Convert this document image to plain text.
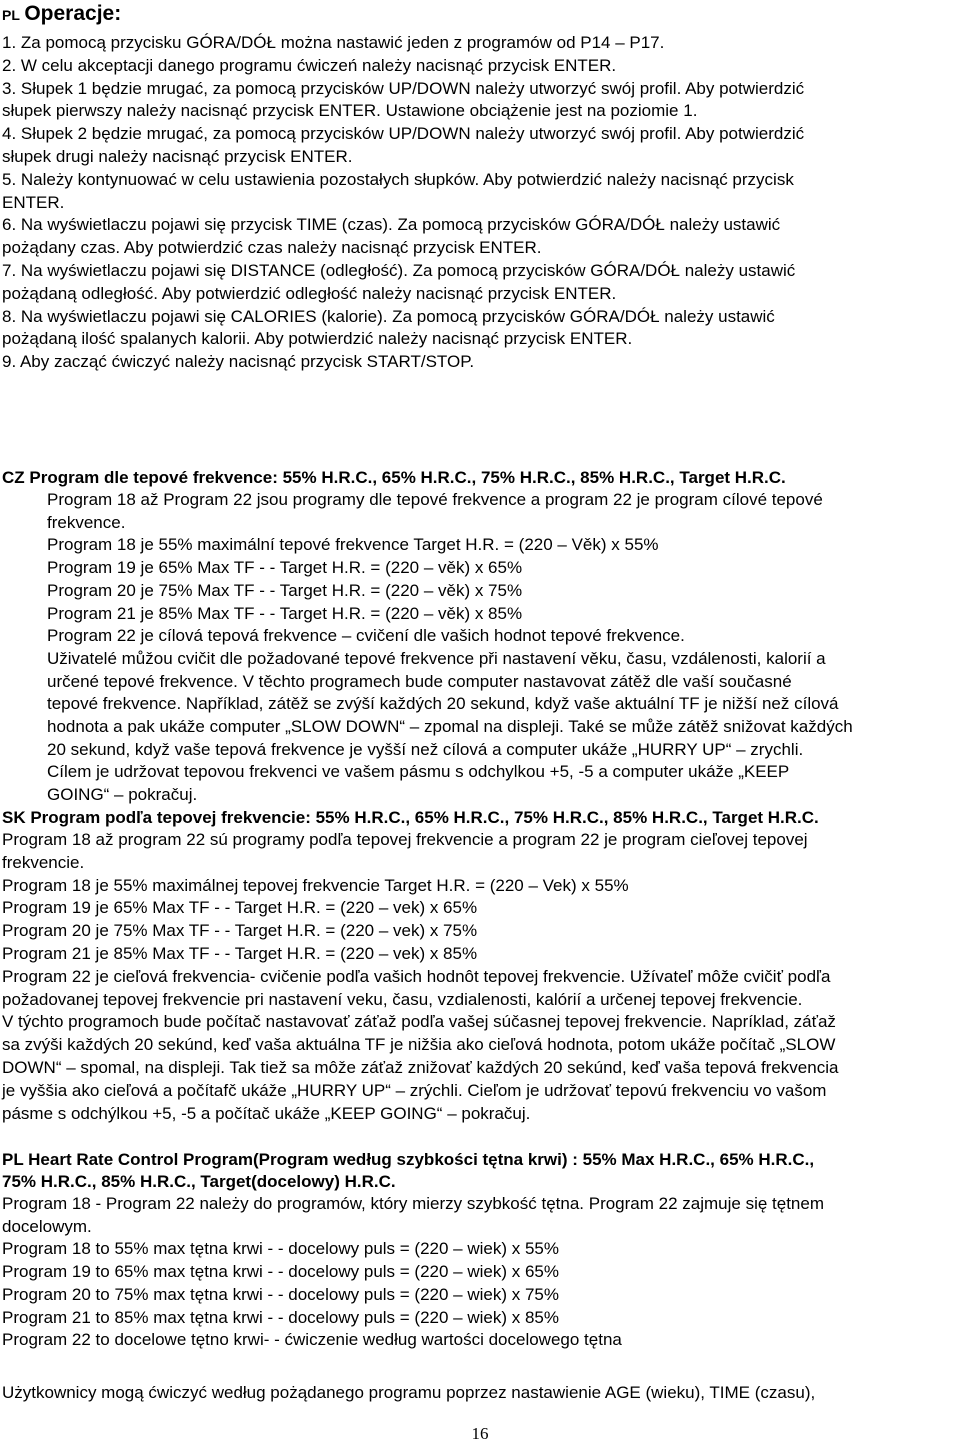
PL Operacje:
1. Za pomocą przycisku GÓRA/DÓŁ można nastawić jeden z programów od P14 – P17.
2. W celu akceptacji danego programu ćwiczeń należy nacisnąć przycisk ENTER.
3. Słupek 1 będzie mrugać, za pomocą przycisków UP/DOWN należy utworzyć swój profil. Aby potwierdzić
słupek pierwszy należy nacisnąć przycisk ENTER. Ustawione obciążenie jest na poziomie 1.
4. Słupek 2 będzie mrugać, za pomocą przycisków UP/DOWN należy utworzyć swój profil. Aby potwierdzić
słupek drugi należy nacisnąć przycisk ENTER.
5. Należy kontynuować w celu ustawienia pozostałych słupków. Aby potwierdzić należy nacisnąć przycisk
ENTER.
6. Na wyświetlaczu pojawi się przycisk TIME (czas). Za pomocą przycisków GÓRA/DÓŁ należy ustawić
pożądany czas. Aby potwierdzić czas należy nacisnąć przycisk ENTER.
7. Na wyświetlaczu pojawi się DISTANCE (odległość). Za pomocą przycisków GÓRA/DÓŁ należy ustawić
pożądaną odległość. Aby potwierdzić odległość należy nacisnąć przycisk ENTER.
8. Na wyświetlaczu pojawi się CALORIES (kalorie). Za pomocą przycisków GÓRA/DÓŁ należy ustawić
pożądaną ilość spalanych kalorii. Aby potwierdzić należy nacisnąć przycisk ENTER.
9. Aby zacząć ćwiczyć należy nacisnąć przycisk START/STOP.
CZ Program dle tepové frekvence: 55% H.R.C., 65% H.R.C., 75% H.R.C., 85% H.R.C., Target H.R.C.
Program 18 až Program 22 jsou programy dle tepové frekvence a program 22 je program cílové tepové
frekvence.
Program 18 je 55% maximální tepové frekvence Target H.R. = (220 – Věk) x 55%
Program 19 je 65% Max TF - - Target H.R. = (220 – věk) x 65%
Program 20 je 75% Max TF - - Target H.R. = (220 – věk) x 75%
Program 21 je 85% Max TF - - Target H.R. = (220 – věk) x 85%
Program 22 je cílová tepová frekvence – cvičení dle vašich hodnot tepové frekvence.
Uživatelé můžou cvičit dle požadované tepové frekvence při nastavení věku, času, vzdálenosti, kalorií a
určené tepové frekvence. V těchto programech bude computer nastavovat zátěž dle vaší současné
tepové frekvence. Například, zátěž se zvýší každých 20 sekund, když vaše aktuální TF je nižší než cílová
hodnota a pak ukáže computer „SLOW DOWN“ – zpomal na displeji. Také se může zátěž snižovat každých
20 sekund, když vaše tepová frekvence je vyšší než cílová a computer ukáže „HURRY UP“ – zrychli.
Cílem je udržovat tepovou frekvenci ve vašem pásmu s odchylkou +5, -5 a computer ukáže „KEEP
GOING“ – pokračuj.
SK Program podľa tepovej frekvencie: 55% H.R.C., 65% H.R.C., 75% H.R.C., 85% H.R.C., Target H.R.C.
Program 18 až program 22 sú programy podľa tepovej frekvencie a program 22 je program cieľovej tepovej
frekvencie.
Program 18 je 55% maximálnej tepovej frekvencie Target H.R. = (220 – Vek) x 55%
Program 19 je 65% Max TF - - Target H.R. = (220 – vek) x 65%
Program 20 je 75% Max TF - - Target H.R. = (220 – vek) x 75%
Program 21 je 85% Max TF - - Target H.R. = (220 – vek) x 85%
Program 22 je cieľová frekvencia- cvičenie podľa vašich hodnôt tepovej frekvencie. Užívateľ môže cvičiť podľa
požadovanej tepovej frekvencie pri nastavení veku, času, vzdialenosti, kalórií a určenej tepovej frekvencie.
V týchto programoch bude počítač nastavovať záťaž podľa vašej súčasnej tepovej frekvencie. Napríklad, záťaž
sa zvýši každých 20 sekúnd, keď vaša aktuálna TF je nižšia ako cieľová hodnota, potom ukáže počítač „SLOW
DOWN“ – spomal, na displeji. Tak tiež sa môže záťaž znižovať každých 20 sekúnd, keď vaša tepová frekvencia
je vyššia ako cieľová a počítafč ukáže „HURRY UP“ – zrýchli. Cieľom je udržovať tepovú frekvenciu vo vašom
pásme s odchýlkou +5, -5 a počítač ukáže „KEEP GOING“ – pokračuj.
PL Heart Rate Control Program(Program według szybkości tętna krwi) : 55% Max H.R.C., 65% H.R.C.,
75% H.R.C., 85% H.R.C., Target(docelowy) H.R.C.
Program 18 - Program 22 należy do programów, który mierzy szybkość tętna. Program 22 zajmuje się tętnem
docelowym.
Program 18 to 55% max tętna krwi - - docelowy puls = (220 – wiek) x 55%
Program 19 to 65% max tętna krwi - - docelowy puls = (220 – wiek) x 65%
Program 20 to 75% max tętna krwi - - docelowy puls = (220 – wiek) x 75%
Program 21 to 85% max tętna krwi - - docelowy puls = (220 – wiek) x 85%
Program 22 to docelowe tętno krwi- - ćwiczenie według wartości docelowego tętna
Użytkownicy mogą ćwiczyć według pożądanego programu poprzez nastawienie AGE (wieku), TIME (czasu),
16
